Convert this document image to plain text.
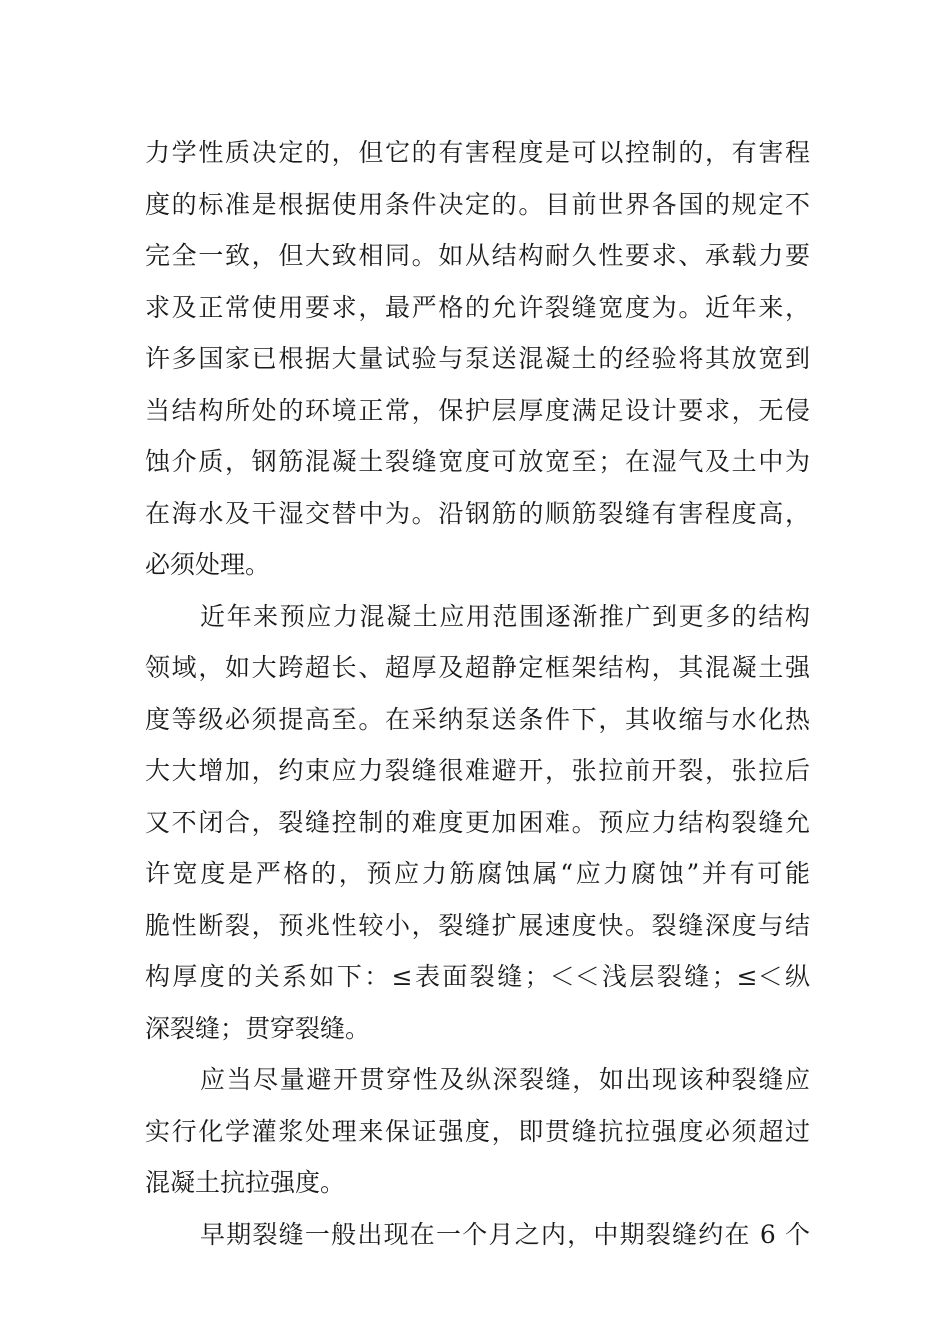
力学性质决定的，但它的有害程度是可以控制的，有害程
度的标准是根据使用条件决定的。目前世界各国的规定不
完全一致，但大致相同。如从结构耐久性要求、承载力要
求及正常使用要求，最严格的允许裂缝宽度为。近年来，
许多国家已根据大量试验与泵送混凝土的经验将其放宽到
当结构所处的环境正常，保护层厚度满足设计要求，无侵
蚀介质，钢筋混凝土裂缝宽度可放宽至；在湿气及土中为
在海水及干湿交替中为。沿钢筋的顺筋裂缝有害程度高，
必须处理。
近年来预应力混凝土应用范围逐渐推广到更多的结构
领域，如大跨超长、超厚及超静定框架结构，其混凝土强
度等级必须提高至。在采纳泵送条件下，其收缩与水化热
大大增加，约束应力裂缝很难避开，张拉前开裂，张拉后
又不闭合，裂缝控制的难度更加困难。预应力结构裂缝允
许宽度是严格的，预应力筋腐蚀属“应力腐蚀”并有可能
脆性断裂，预兆性较小，裂缝扩展速度快。裂缝深度与结
构厚度的关系如下：≤表面裂缝；＜＜浅层裂缝；≤＜纵
深裂缝；贯穿裂缝。
应当尽量避开贯穿性及纵深裂缝，如出现该种裂缝应
实行化学灌浆处理来保证强度，即贯缝抗拉强度必须超过
混凝土抗拉强度。
早期裂缝一般出现在一个月之内，中期裂缝约在 6 个
